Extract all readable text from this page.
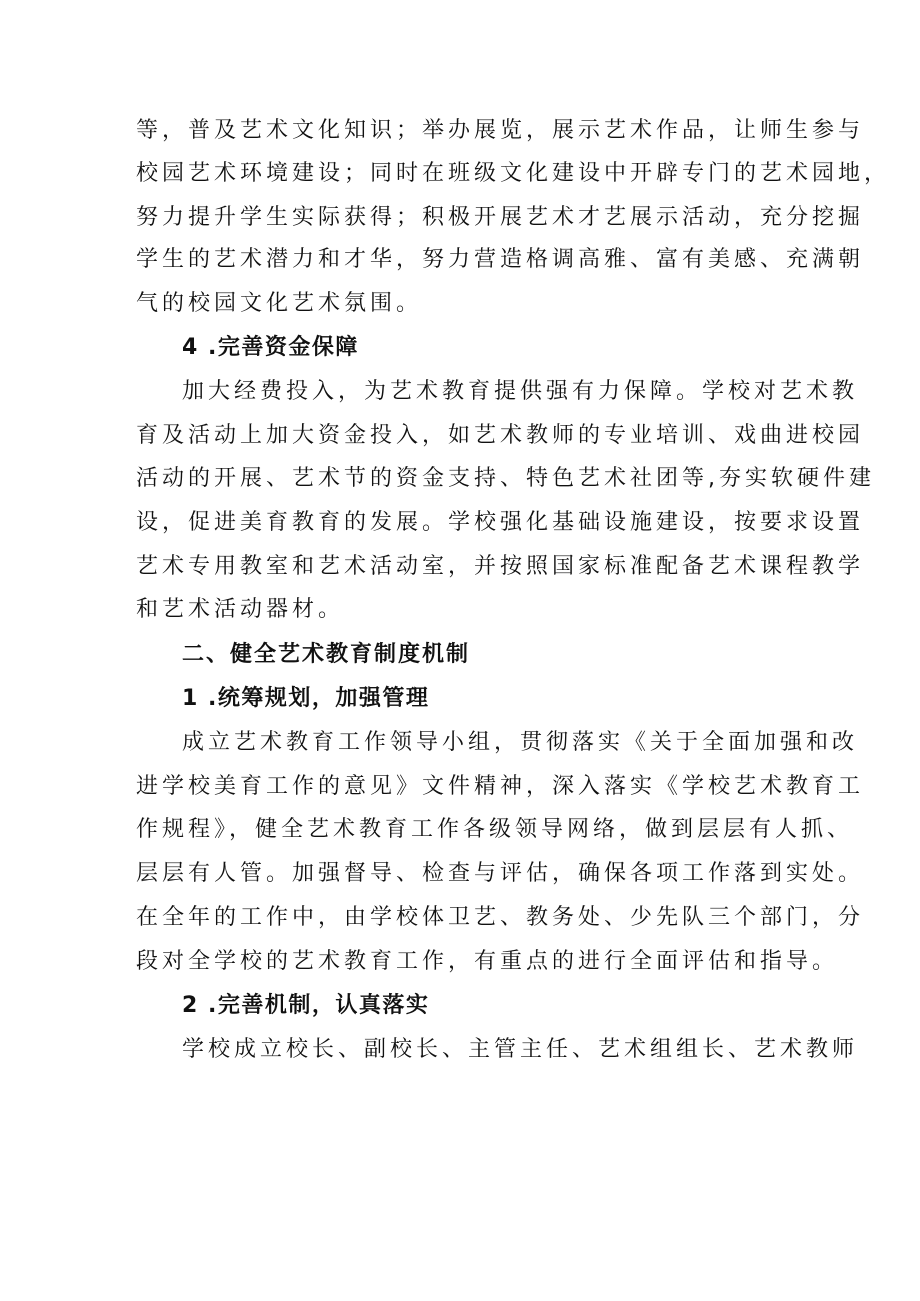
等，普及艺术文化知识；举办展览，展示艺术作品，让师生参与
校园艺术环境建设；同时在班级文化建设中开辟专门的艺术园地，
努力提升学生实际获得；积极开展艺术才艺展示活动，充分挖掘
学生的艺术潜力和才华，努力营造格调高雅、富有美感、充满朝
气的校园文化艺术氛围。
4 .完善资金保障
加大经费投入，为艺术教育提供强有力保障。学校对艺术教
育及活动上加大资金投入，如艺术教师的专业培训、戏曲进校园
活动的开展、艺术节的资金支持、特色艺术社团等,夯实软硬件建
设，促进美育教育的发展。学校强化基础设施建设，按要求设置
艺术专用教室和艺术活动室，并按照国家标准配备艺术课程教学
和艺术活动器材。
二、健全艺术教育制度机制
1 .统筹规划，加强管理
成立艺术教育工作领导小组，贯彻落实《关于全面加强和改
进学校美育工作的意见》文件精神，深入落实《学校艺术教育工
作规程》，健全艺术教育工作各级领导网络，做到层层有人抓、
层层有人管。加强督导、检查与评估，确保各项工作落到实处。
在全年的工作中，由学校体卫艺、教务处、少先队三个部门，分
段对全学校的艺术教育工作，有重点的进行全面评估和指导。
2 .完善机制，认真落实
学校成立校长、副校长、主管主任、艺术组组长、艺术教师
